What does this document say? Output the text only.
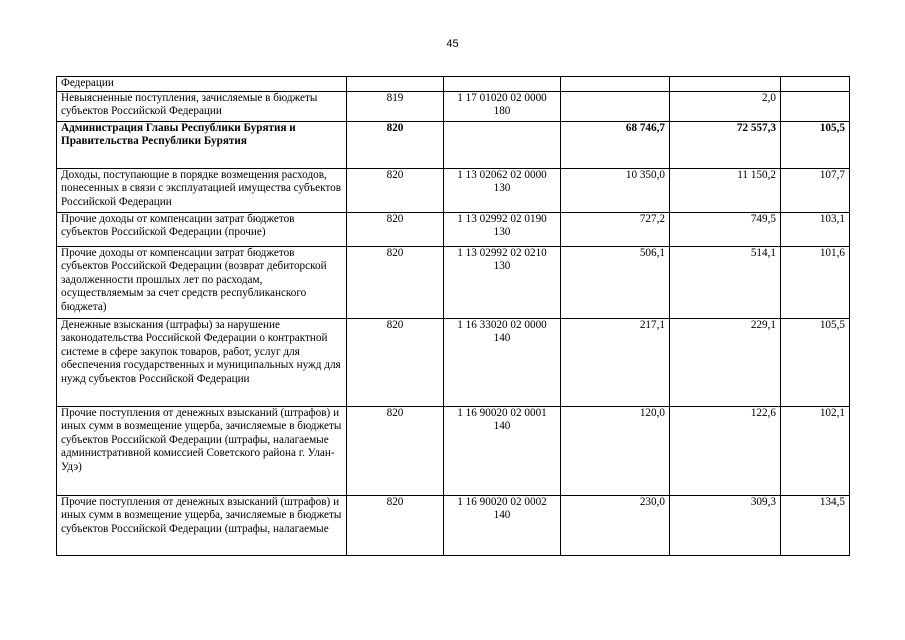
45
Федерации					
Невыясненные поступления, зачисляемые в бюджеты субъектов Российской Федерации	819	1 17 01020 02 0000 180		2,0	
Администрация Главы Республики Бурятия и Правительства Республики Бурятия	820		68 746,7	72 557,3	105,5
Доходы, поступающие в порядке возмещения расходов, понесенных в связи с эксплуатацией имущества субъектов Российской Федерации	820	1 13 02062 02 0000 130	10 350,0	11 150,2	107,7
Прочие доходы от компенсации затрат бюджетов субъектов Российской Федерации (прочие)	820	1 13 02992 02 0190 130	727,2	749,5	103,1
Прочие доходы от компенсации затрат бюджетов субъектов Российской Федерации (возврат дебиторской задолженности прошлых лет по расходам, осуществляемым за счет средств республиканского бюджета)	820	1 13 02992 02 0210 130	506,1	514,1	101,6
Денежные взыскания (штрафы) за нарушение законодательства Российской Федерации о контрактной системе в сфере закупок товаров, работ, услуг для обеспечения государственных и муниципальных нужд для нужд субъектов Российской Федерации	820	1 16 33020 02 0000 140	217,1	229,1	105,5
Прочие поступления от денежных взысканий (штрафов) и иных сумм в возмещение ущерба, зачисляемые в бюджеты субъектов Российской Федерации (штрафы, налагаемые административной комиссией Советского района г. Улан-Удэ)	820	1 16 90020 02 0001 140	120,0	122,6	102,1
Прочие поступления от денежных взысканий (штрафов) и иных сумм в возмещение ущерба, зачисляемые в бюджеты субъектов Российской Федерации (штрафы, налагаемые	820	1 16 90020 02 0002 140	230,0	309,3	134,5
